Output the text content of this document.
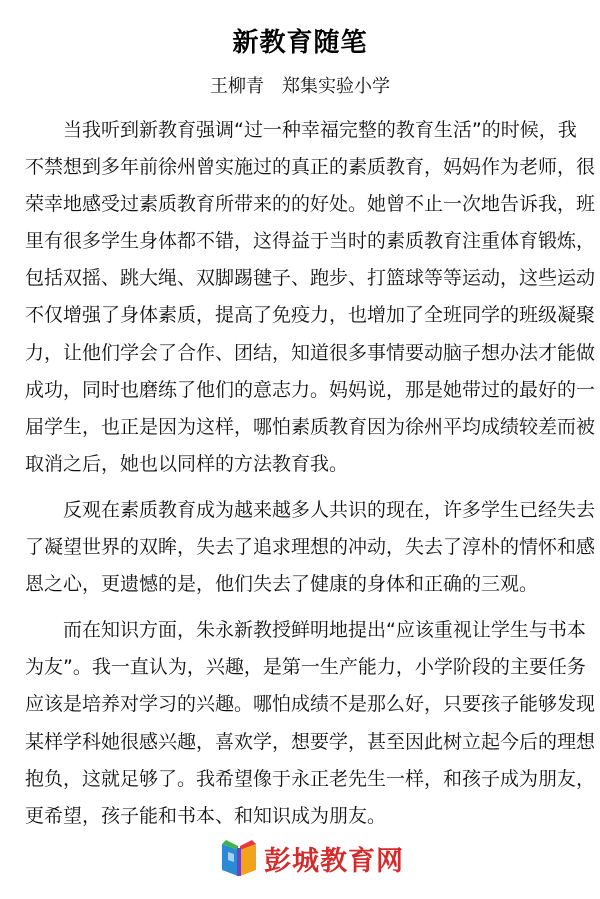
新教育随笔
王柳青　郑集实验小学
当我听到新教育强调“过一种幸福完整的教育生活”的时候，我
不禁想到多年前徐州曾实施过的真正的素质教育，妈妈作为老师，很
荣幸地感受过素质教育所带来的的好处。她曾不止一次地告诉我，班
里有很多学生身体都不错，这得益于当时的素质教育注重体育锻炼，
包括双摇、跳大绳、双脚踢毽子、跑步、打篮球等等运动，这些运动
不仅增强了身体素质，提高了免疫力，也增加了全班同学的班级凝聚
力，让他们学会了合作、团结，知道很多事情要动脑子想办法才能做
成功，同时也磨练了他们的意志力。妈妈说，那是她带过的最好的一
届学生，也正是因为这样，哪怕素质教育因为徐州平均成绩较差而被
取消之后，她也以同样的方法教育我。
反观在素质教育成为越来越多人共识的现在，许多学生已经失去
了凝望世界的双眸，失去了追求理想的冲动，失去了淳朴的情怀和感
恩之心，更遗憾的是，他们失去了健康的身体和正确的三观。
而在知识方面，朱永新教授鲜明地提出“应该重视让学生与书本
为友”。我一直认为，兴趣，是第一生产能力，小学阶段的主要任务
应该是培养对学习的兴趣。哪怕成绩不是那么好，只要孩子能够发现
某样学科她很感兴趣，喜欢学，想要学，甚至因此树立起今后的理想
抱负，这就足够了。我希望像于永正老先生一样，和孩子成为朋友，
更希望，孩子能和书本、和知识成为朋友。
彭城教育网
